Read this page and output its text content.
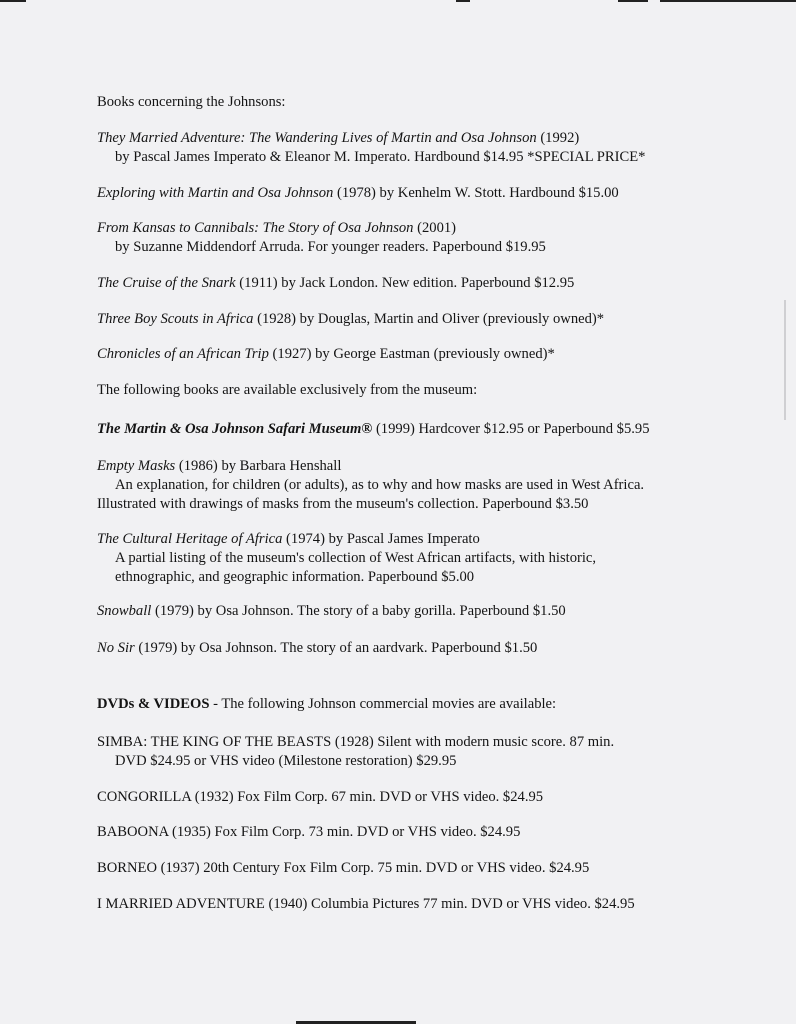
Books concerning the Johnsons:

They Married Adventure: The Wandering Lives of Martin and Osa Johnson (1992)
by Pascal James Imperato & Eleanor M. Imperato. Hardbound $14.95 *SPECIAL PRICE*

Exploring with Martin and Osa Johnson (1978) by Kenhelm W. Stott. Hardbound $15.00

From Kansas to Cannibals: The Story of Osa Johnson (2001)
by Suzanne Middendorf Arruda. For younger readers. Paperbound $19.95

The Cruise of the Snark (1911) by Jack London. New edition. Paperbound $12.95

Three Boy Scouts in Africa (1928) by Douglas, Martin and Oliver (previously owned)*

Chronicles of an African Trip (1927) by George Eastman (previously owned)*

The following books are available exclusively from the museum:

The Martin & Osa Johnson Safari Museum® (1999) Hardcover $12.95 or Paperbound $5.95

Empty Masks (1986) by Barbara Henshall
An explanation, for children (or adults), as to why and how masks are used in West Africa.
Illustrated with drawings of masks from the museum's collection. Paperbound $3.50

The Cultural Heritage of Africa (1974) by Pascal James Imperato
A partial listing of the museum's collection of West African artifacts, with historic,
ethnographic, and geographic information. Paperbound $5.00

Snowball (1979) by Osa Johnson. The story of a baby gorilla. Paperbound $1.50

No Sir (1979) by Osa Johnson. The story of an aardvark. Paperbound $1.50

DVDs & VIDEOS - The following Johnson commercial movies are available:

SIMBA: THE KING OF THE BEASTS (1928) Silent with modern music score. 87 min.
DVD $24.95 or VHS video (Milestone restoration) $29.95

CONGORILLA (1932) Fox Film Corp. 67 min. DVD or VHS video. $24.95

BABOONA (1935) Fox Film Corp. 73 min. DVD or VHS video. $24.95

BORNEO (1937) 20th Century Fox Film Corp. 75 min. DVD or VHS video. $24.95

I MARRIED ADVENTURE (1940) Columbia Pictures 77 min. DVD or VHS video. $24.95
